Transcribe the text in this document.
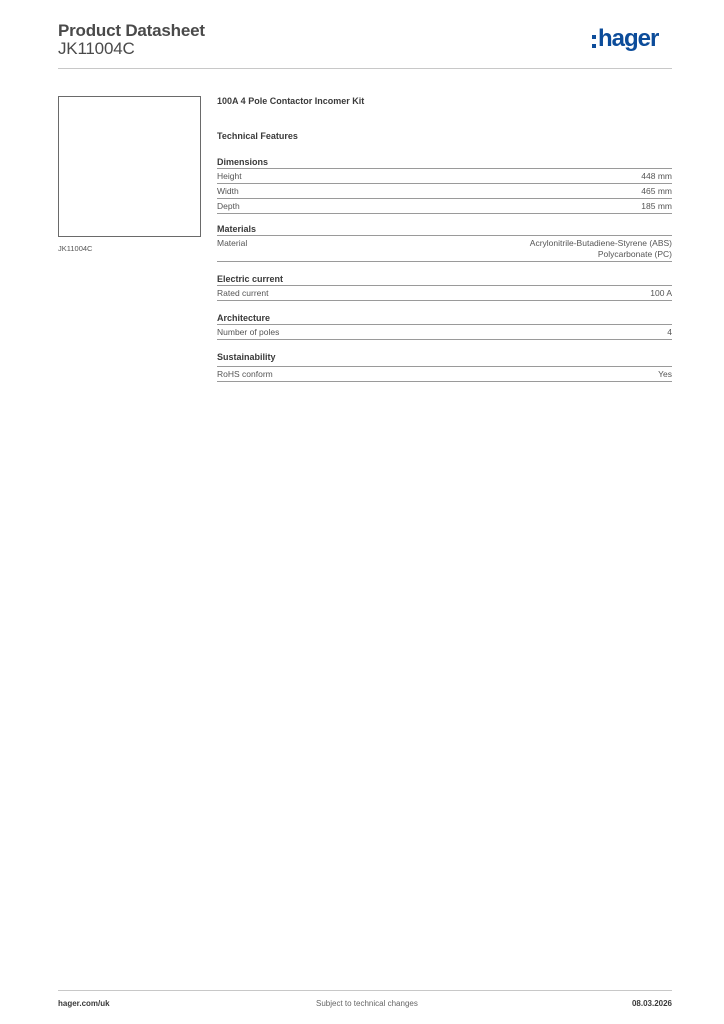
Product Datasheet
JK11004C	hager
JK11004C
100A 4 Pole Contactor Incomer Kit
Technical Features
Dimensions
Height	448 mm
Width	465 mm
Depth	185 mm
Materials
Material	Acrylonitrile-Butadiene-Styrene (ABS)
Polycarbonate (PC)
Electric current
Rated current	100 A
Architecture
Number of poles	4
Sustainability
RoHS conform	Yes
hager.com/uk	Subject to technical changes	08.03.2026
